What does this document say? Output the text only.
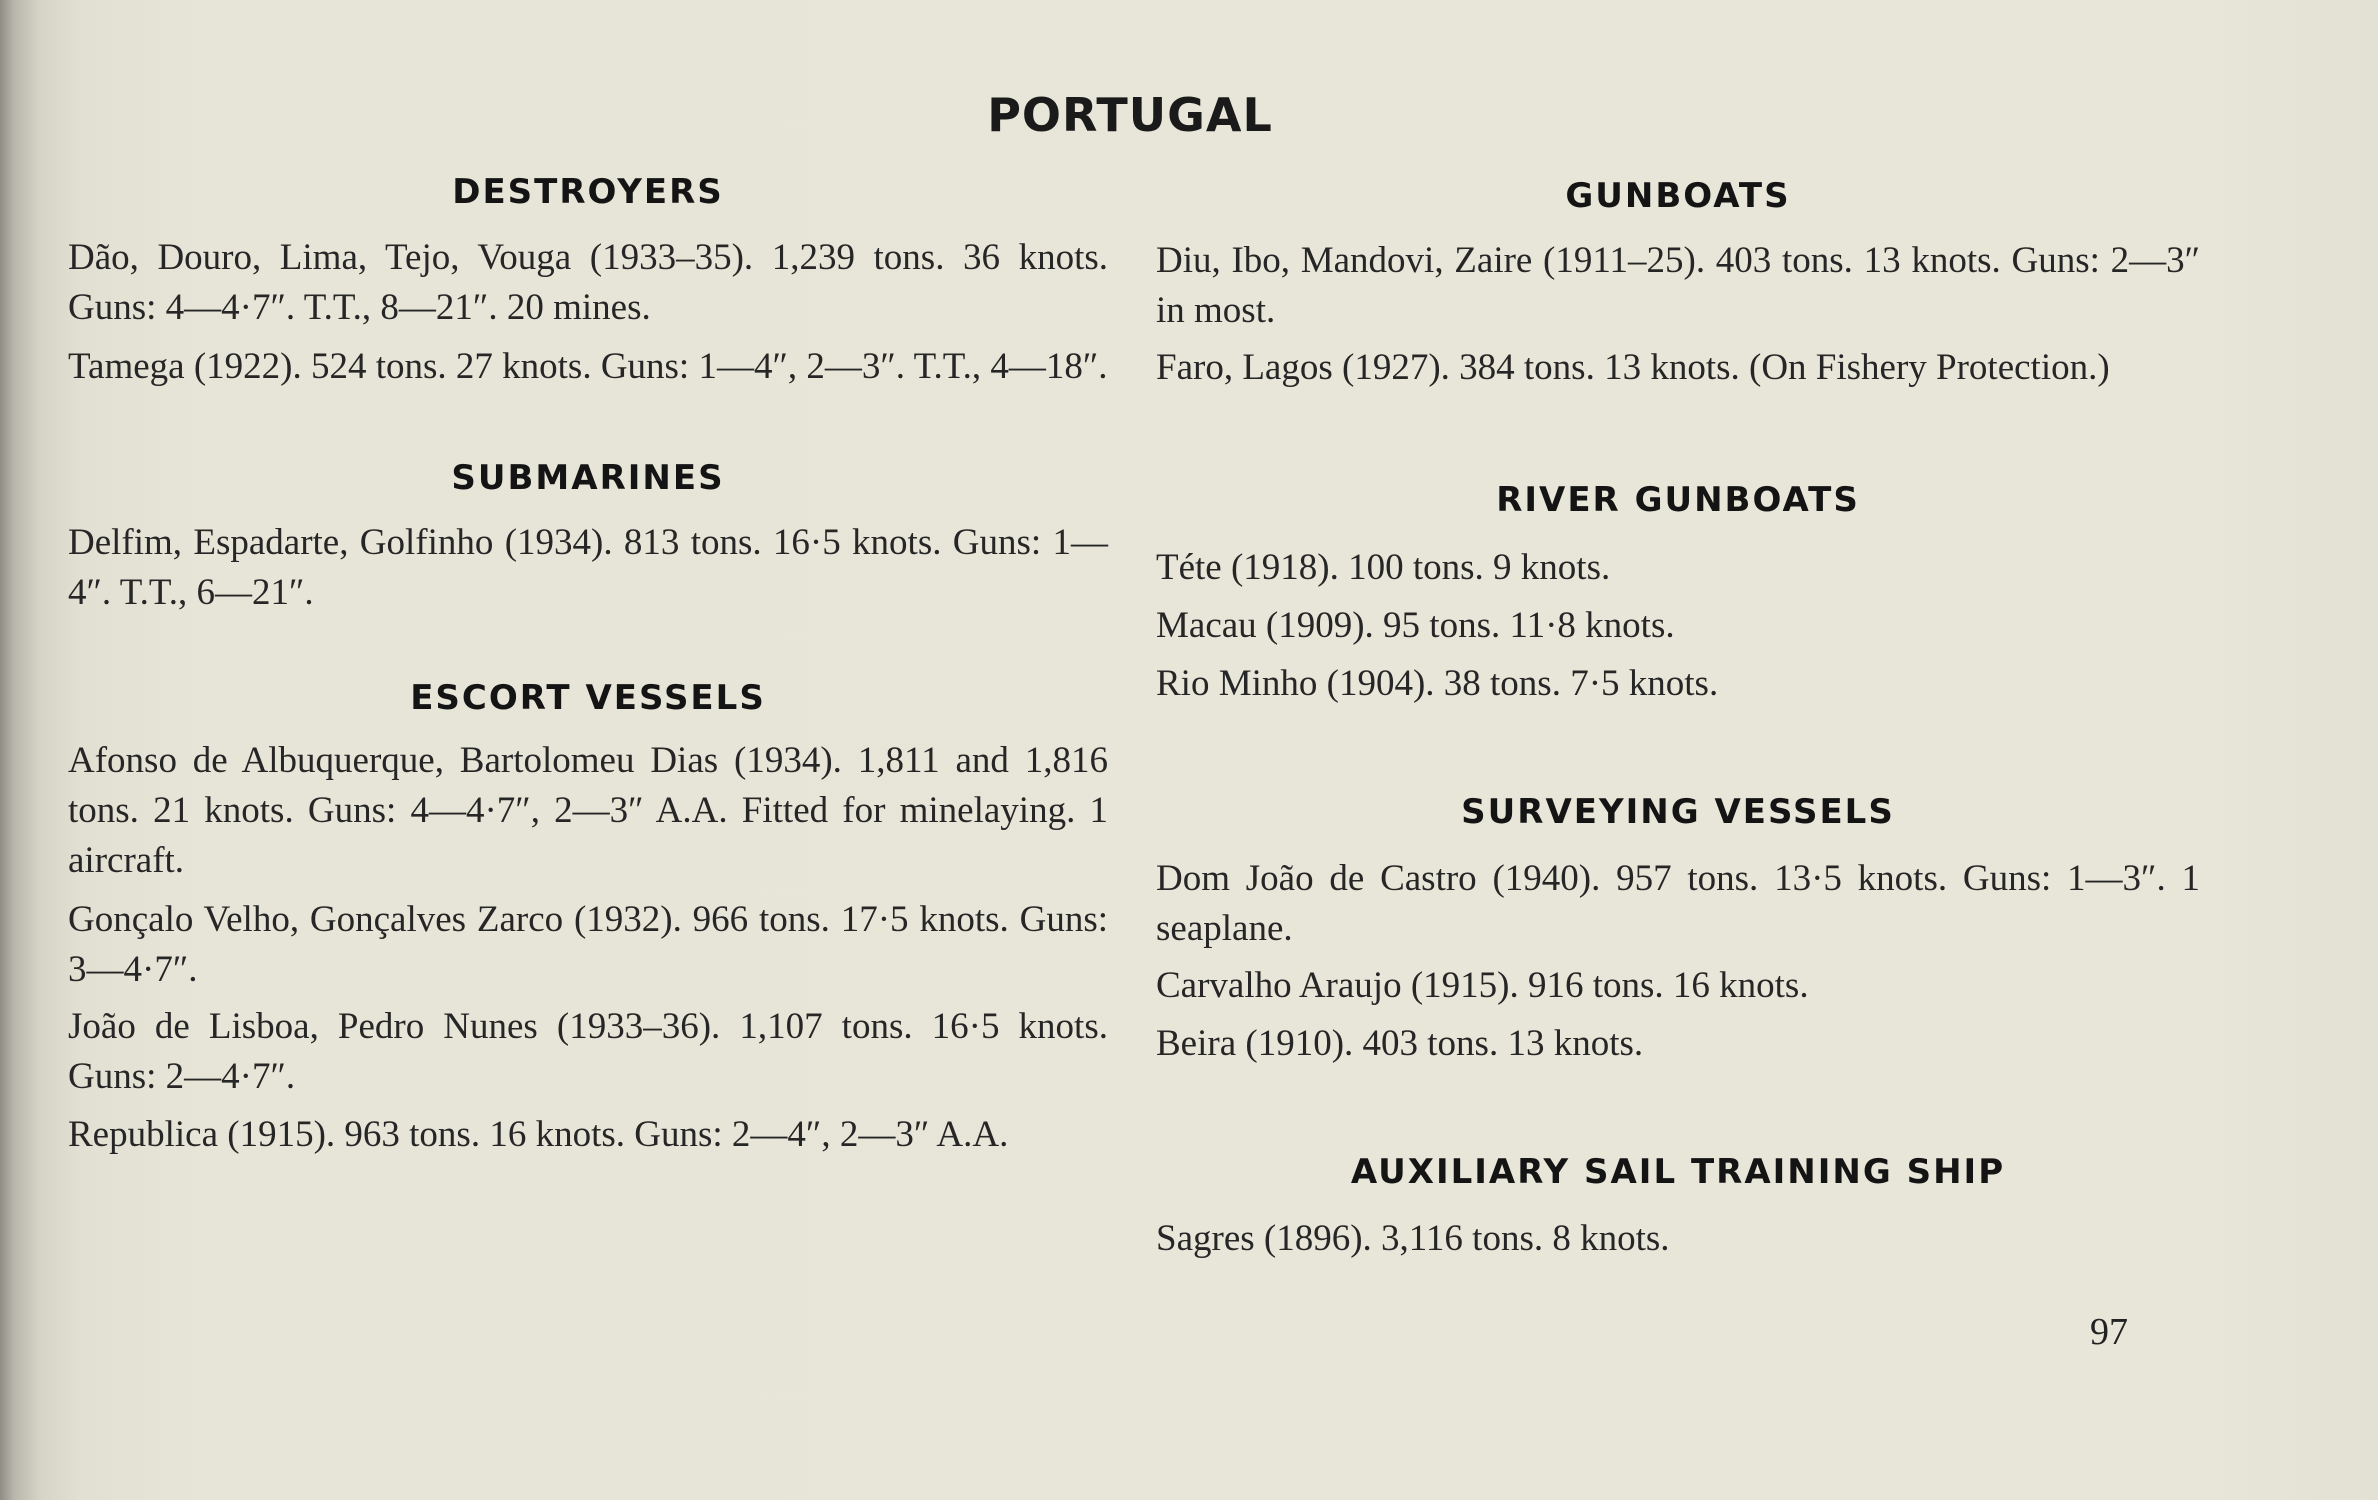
PORTUGAL
DESTROYERS
Dão, Douro, Lima, Tejo, Vouga (1933–35). 1,239 tons. 36 knots. Guns: 4—4·7″. T.T., 8—21″. 20 mines.
Tamega (1922). 524 tons. 27 knots. Guns: 1—4″, 2—3″. T.T., 4—18″.
SUBMARINES
Delfim, Espadarte, Golfinho (1934). 813 tons. 16·5 knots. Guns: 1—4″. T.T., 6—21″.
ESCORT VESSELS
Afonso de Albuquerque, Bartolomeu Dias (1934). 1,811 and 1,816 tons. 21 knots. Guns: 4—4·7″, 2—3″ A.A. Fitted for minelaying. 1 aircraft.
Gonçalo Velho, Gonçalves Zarco (1932). 966 tons. 17·5 knots. Guns: 3—4·7″.
João de Lisboa, Pedro Nunes (1933–36). 1,107 tons. 16·5 knots. Guns: 2—4·7″.
Republica (1915). 963 tons. 16 knots. Guns: 2—4″, 2—3″ A.A.
GUNBOATS
Diu, Ibo, Mandovi, Zaire (1911–25). 403 tons. 13 knots. Guns: 2—3″ in most.
Faro, Lagos (1927). 384 tons. 13 knots. (On Fishery Protection.)
RIVER GUNBOATS
Téte (1918). 100 tons. 9 knots.
Macau (1909). 95 tons. 11·8 knots.
Rio Minho (1904). 38 tons. 7·5 knots.
SURVEYING VESSELS
Dom João de Castro (1940). 957 tons. 13·5 knots. Guns: 1—3″. 1 seaplane.
Carvalho Araujo (1915). 916 tons. 16 knots.
Beira (1910). 403 tons. 13 knots.
AUXILIARY SAIL TRAINING SHIP
Sagres (1896). 3,116 tons. 8 knots.
97
